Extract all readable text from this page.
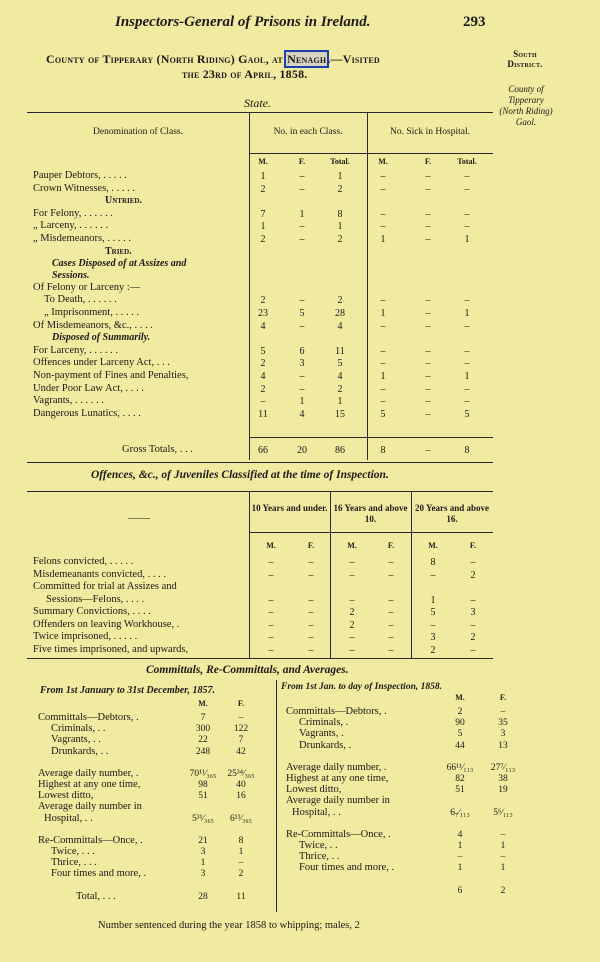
Inspectors-General of Prisons in Ireland.	293
County of Tipperary (North Riding) Gaol, at Nenagh.—Visited
the 23rd of April, 1858.
South District.
County of Tipperary (North Riding) Gaol.
State.
Denomination of Class.	No. in each Class.	No. Sick in Hospital.
M.	F.	Total.	M.	F.	Total.
Pauper Debtors, . . . . .	1	–	1	–	–	–
Crown Witnesses, . . . . .	2	–	2	–	–	–
Untried.
For Felony, . . . . . .	7	1	8	–	–	–
„ Larceny, . . . . . .	1	–	1	–	–	–
„ Misdemeanors, . . . . .	2	–	2	1	–	1
Tried.
Cases Disposed of at Assizes and Sessions.
Of Felony or Larceny :—
To Death, . . . . . .	2	–	2	–	–	–
„ Imprisonment, . . . . .	23	5	28	1	–	1
Of Misdemeanors, &c., . . . .	4	–	4	–	–	–
Disposed of Summarily.
For Larceny, . . . . . .	5	6	11	–	–	–
Offences under Larceny Act, . . .	2	3	5	–	–	–
Non-payment of Fines and Penalties,	4	–	4	1	–	1
Under Poor Law Act, . . . .	2	–	2	–	–	–
Vagrants, . . . . . .	–	1	1	–	–	–
Dangerous Lunatics, . . . .	11	4	15	5	–	5
Gross Totals, . . .	66	20	86	8	–	8
Offences, &c., of Juveniles Classified at the time of Inspection.
——
10 Years and under. 16 Years and above 10.
20 Years and above 16.
M.	F.	M.	F.	M.	F.
Felons convicted, . . . . .	–	–	–	–	8	–
Misdemeanants convicted, . . . .	–	–	–	–	–	2
Committed for trial at Assizes and
Sessions—Felons, . . . .	–	–	–	–	1	–
Summary Convictions, . . . .	–	–	2	–	5	3
Offenders on leaving Workhouse, .	–	–	2	–	–	–
Twice imprisoned, . . . . .	–	–	–	–	3	2
Five times imprisoned, and upwards,	–	–	–	–	2	–
Committals, Re-Committals, and Averages.
From 1st January to 31st December, 1857.	From 1st Jan. to day of Inspection, 1858.
M.	F.
Committals—Debtors, .	7	–
Criminals, . .	300	122
Vagrants, . .	22	7
Drunkards, . .	248	42
Average daily number, .	70¹¹⁄₃₆₅	25³⁴⁄₃₆₅
Highest at any one time,	98	40
Lowest ditto,	51	16
Average daily number in
Hospital, . .	5³¹⁄₃₆₅	6¹³⁄₃₆₅
Re-Committals—Once, .	21	8
Twice, . . .	3	1
Thrice, . . .	1	–
Four times and more, .	3	2
Total, . . .	28	11
M.	F.
Committals—Debtors, .	2	–
Criminals, .	90	35
Vagrants, .	5	3
Drunkards, .	44	13
Average daily number, .	66¹¹⁄₁₁₃	27⁷⁄₁₁₃
Highest at any one time,	82	38
Lowest ditto,	51	19
Average daily number in
Hospital, . .	6₇⁄₁₁₃	5⁶⁄₁₁₃
Re-Committals—Once, .	4	–
Twice, . .	1	1
Thrice, . .	–	–
Four times and more, .	1	1
6	2
Number sentenced during the year 1858 to whipping; males, 2
